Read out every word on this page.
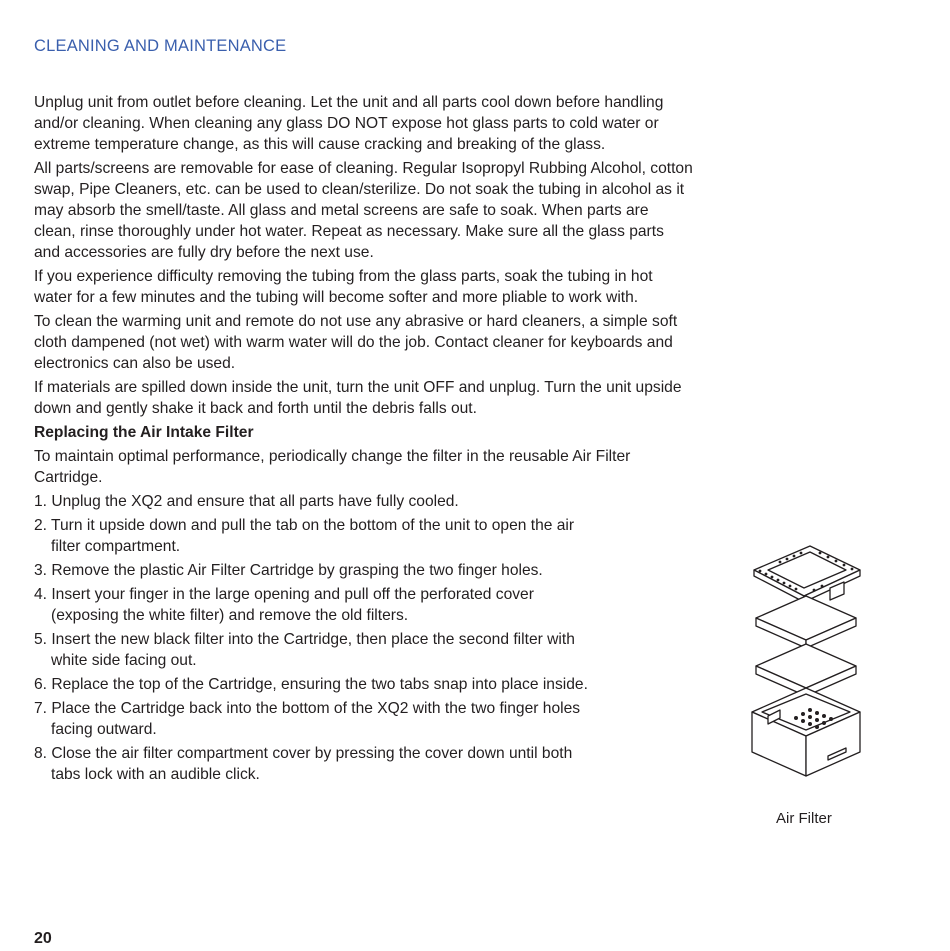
CLEANING AND MAINTENANCE

Unplug unit from outlet before cleaning. Let the unit and all parts cool down before handling and/or cleaning. When cleaning any glass DO NOT expose hot glass parts to cold water or extreme temperature change, as this will cause cracking and breaking of the glass.

All parts/screens are removable for ease of cleaning. Regular Isopropyl Rubbing Alcohol, cotton swap, Pipe Cleaners, etc. can be used to clean/sterilize. Do not soak the tubing in alcohol as it may absorb the smell/taste. All glass and metal screens are safe to soak. When parts are clean, rinse thoroughly under hot water. Repeat as necessary. Make sure all the glass parts and accessories are fully dry before the next use.

If you experience difficulty removing the tubing from the glass parts, soak the tubing in hot water for a few minutes and the tubing will become softer and more pliable to work with.

To clean the warming unit and remote do not use any abrasive or hard cleaners, a simple soft cloth dampened (not wet) with warm water will do the job. Contact cleaner for keyboards and electronics can also be used.

If materials are spilled down inside the unit, turn the unit OFF and unplug. Turn the unit upside down and gently shake it back and forth until the debris falls out.

Replacing the Air Intake Filter

To maintain optimal performance, periodically change the filter in the reusable Air Filter Cartridge.

1. Unplug the XQ2 and ensure that all parts have fully cooled.
2. Turn it upside down and pull the tab on the bottom of the unit to open the air
filter compartment.
3. Remove the plastic Air Filter Cartridge by grasping the two finger holes.
4. Insert your finger in the large opening and pull off the perforated cover
(exposing the white filter) and remove the old filters.
5. Insert the new black filter into the Cartridge, then place the second filter with
white side facing out.
6. Replace the top of the Cartridge, ensuring the two tabs snap into place inside.
7. Place the Cartridge back into the bottom of the XQ2 with the two finger holes
facing outward.
8. Close the air filter compartment cover by pressing the cover down until both
tabs lock with an audible click.
Air Filter
20
